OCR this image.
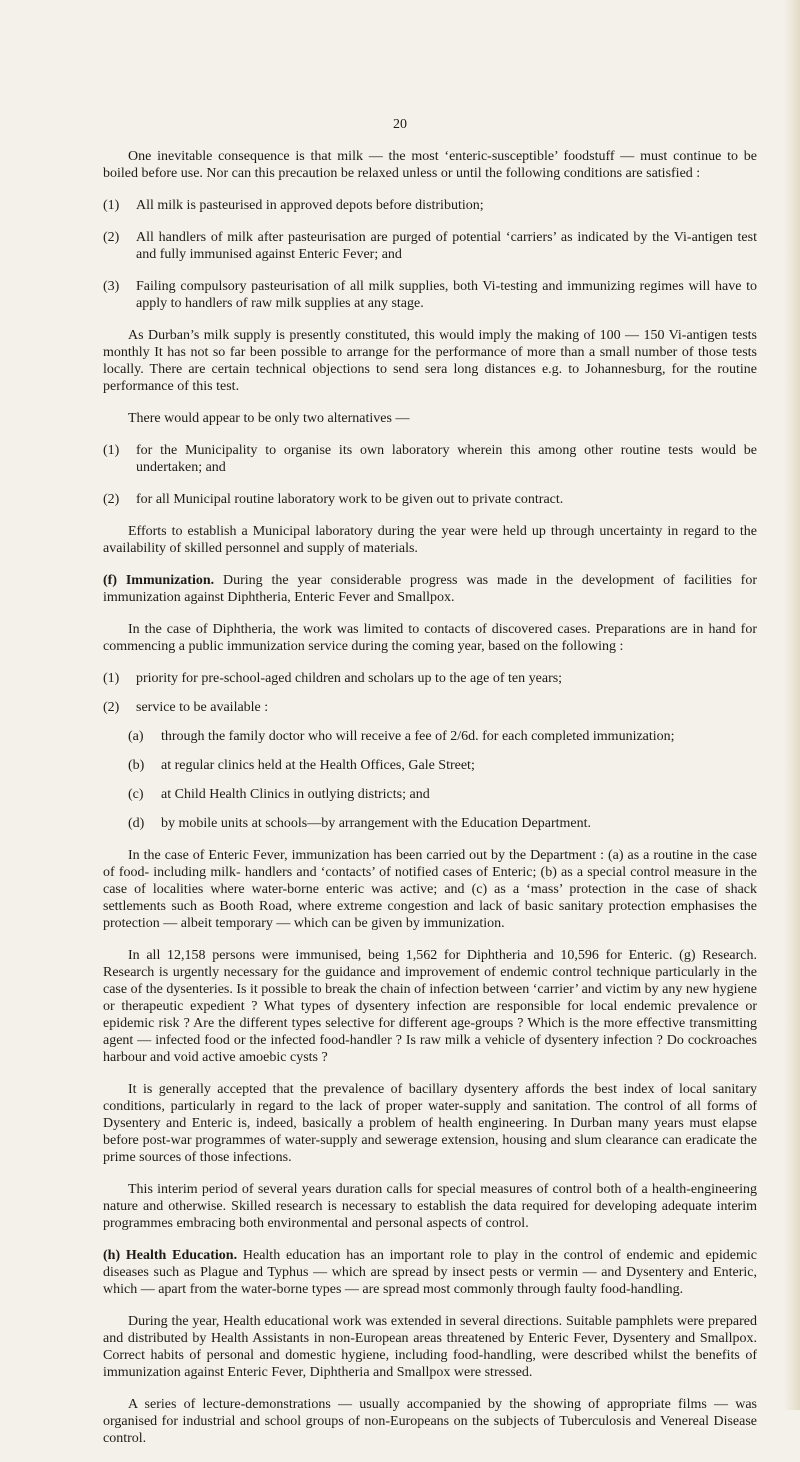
20

One inevitable consequence is that milk — the most ‘enteric-susceptible’ foodstuff — must continue to be boiled before use. Nor can this precaution be relaxed unless or until the following conditions are satisfied :

(1) All milk is pasteurised in approved depots before distribution;

(2) All handlers of milk after pasteurisation are purged of potential ‘carriers’ as indicated by the Vi-antigen test and fully immunised against Enteric Fever; and

(3) Failing compulsory pasteurisation of all milk supplies, both Vi-testing and immunizing regimes will have to apply to handlers of raw milk supplies at any stage.

As Durban’s milk supply is presently constituted, this would imply the making of 100 — 150 Vi-antigen tests monthly It has not so far been possible to arrange for the performance of more than a small number of those tests locally. There are certain technical objections to send sera long distances e.g. to Johannesburg, for the routine performance of this test.

There would appear to be only two alternatives —

(1) for the Municipality to organise its own laboratory wherein this among other routine tests would be undertaken; and

(2) for all Municipal routine laboratory work to be given out to private contract.

Efforts to establish a Municipal laboratory during the year were held up through uncertainty in regard to the availability of skilled personnel and supply of materials.

(f) Immunization. During the year considerable progress was made in the development of facilities for immunization against Diphtheria, Enteric Fever and Smallpox.

In the case of Diphtheria, the work was limited to contacts of discovered cases. Preparations are in hand for commencing a public immunization service during the coming year, based on the following :

(1) priority for pre-school-aged children and scholars up to the age of ten years;

(2) service to be available :

(a) through the family doctor who will receive a fee of 2/6d. for each completed immunization;

(b) at regular clinics held at the Health Offices, Gale Street;

(c) at Child Health Clinics in outlying districts; and

(d) by mobile units at schools—by arrangement with the Education Department.

In the case of Enteric Fever, immunization has been carried out by the Department : (a) as a routine in the case of food- including milk- handlers and ‘contacts’ of notified cases of Enteric; (b) as a special control measure in the case of localities where water-borne enteric was active; and (c) as a ‘mass’ protection in the case of shack settlements such as Booth Road, where extreme congestion and lack of basic sanitary protection emphasises the protection — albeit temporary — which can be given by immunization.

In all 12,158 persons were immunised, being 1,562 for Diphtheria and 10,596 for Enteric. (g) Research. Research is urgently necessary for the guidance and improvement of endemic control technique particularly in the case of the dysenteries. Is it possible to break the chain of infection between ‘carrier’ and victim by any new hygiene or therapeutic expedient ? What types of dysentery infection are responsible for local endemic prevalence or epidemic risk ? Are the different types selective for different age-groups ? Which is the more effective transmitting agent — infected food or the infected food-handler ? Is raw milk a vehicle of dysentery infection ? Do cockroaches harbour and void active amoebic cysts ?

It is generally accepted that the prevalence of bacillary dysentery affords the best index of local sanitary conditions, particularly in regard to the lack of proper water-supply and sanitation. The control of all forms of Dysentery and Enteric is, indeed, basically a problem of health engineering. In Durban many years must elapse before post-war programmes of water-supply and sewerage extension, housing and slum clearance can eradicate the prime sources of those infections.

This interim period of several years duration calls for special measures of control both of a health-engineering nature and otherwise. Skilled research is necessary to establish the data required for developing adequate interim programmes embracing both environmental and personal aspects of control.

(h) Health Education. Health education has an important role to play in the control of endemic and epidemic diseases such as Plague and Typhus — which are spread by insect pests or vermin — and Dysentery and Enteric, which — apart from the water-borne types — are spread most commonly through faulty food-handling.

During the year, Health educational work was extended in several directions. Suitable pamphlets were prepared and distributed by Health Assistants in non-European areas threatened by Enteric Fever, Dysentery and Smallpox. Correct habits of personal and domestic hygiene, including food-handling, were described whilst the benefits of immunization against Enteric Fever, Diphtheria and Smallpox were stressed.

A series of lecture-demonstrations — usually accompanied by the showing of appropriate films — was organised for industrial and school groups of non-Europeans on the subjects of Tuberculosis and Venereal Disease control.
